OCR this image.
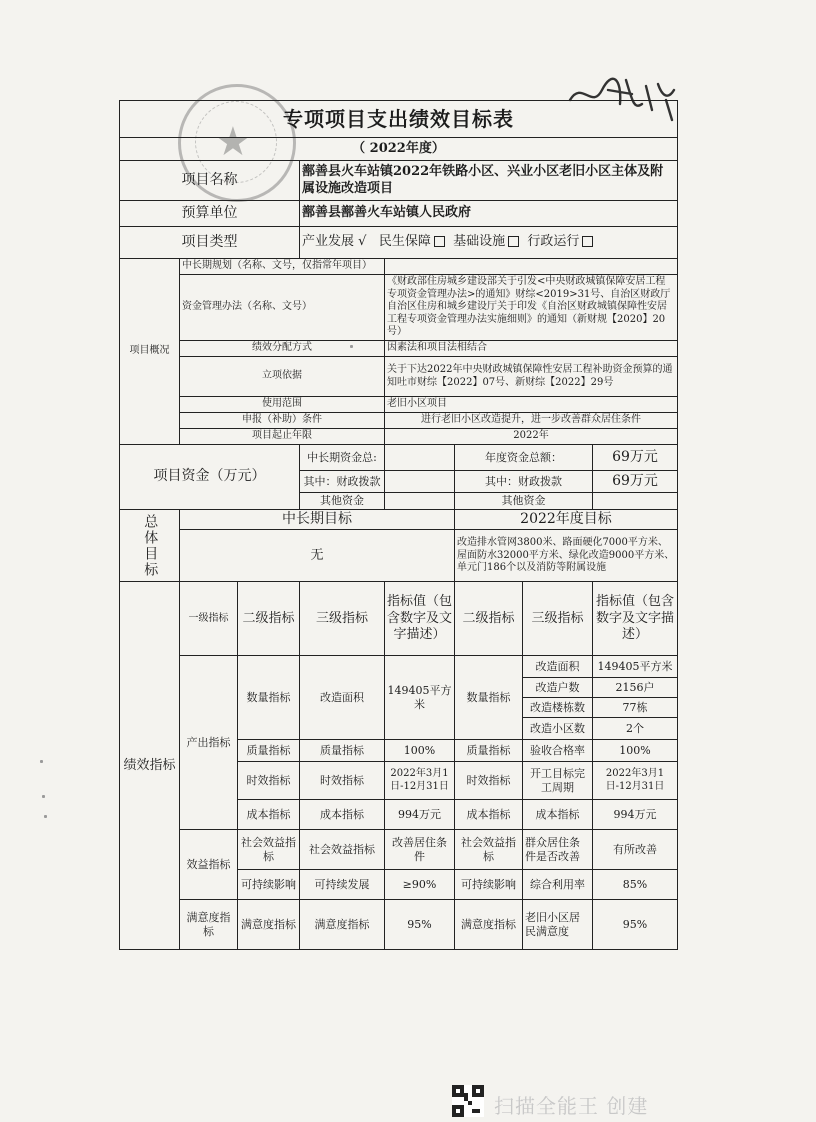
★
专项项目支出绩效目标表							
（ 2022年度）							
项目名称			鄯善县火车站镇2022年铁路小区、兴业小区老旧小区主体及附属设施改造项目				
预算单位			鄯善县鄯善火车站镇人民政府				
项目类型			产业发展 √ 民生保障 基础设施 行政运行				
项目概况	中长期规划（名称、文号，仅指常年项目）						
	资金管理办法（名称、文号）			《财政部住房城乡建设部关于引发<中央财政城镇保障安居工程专项资金管理办法>的通知》财综<2019>31号、自治区财政厅自治区住房和城乡建设厅关于印发《自治区财政城镇保障性安居工程专项资金管理办法实施细则》的通知（新财规【2020】20号）			
	绩效分配方式			因素法和项目法相结合			
	立项依据			关于下达2022年中央财政城镇保障性安居工程补助资金预算的通知吐市财综【2022】07号、新财综【2022】29号			
	使用范围			老旧小区项目			
	申报（补助）条件			进行老旧小区改造提升，进一步改善群众居住条件			
	项目起止年限			2022年			
项目资金（万元）			中长期资金总:		年度资金总额：		69万元
			其中：财政拨款		其中：财政拨款		69万元
			其他资金		其他资金		
总体目标	中长期目标				2022年度目标		
	无				改造排水管网3800米、路面硬化7000平方米、屋面防水32000平方米、绿化改造9000平方米、单元门186个以及消防等附属设施		
绩效指标	一级指标	二级指标	三级指标	指标值（包含数字及文字描述）	二级指标	三级指标	指标值（包含数字及文字描述）
	产出指标	数量指标	改造面积	149405平方米	数量指标	改造面积	149405平方米
						改造户数	2156户
						改造楼栋数	77栋
						改造小区数	2个
		质量指标	质量指标	100%	质量指标	验收合格率	100%
		时效指标	时效指标	2022年3月1日-12月31日	时效指标	开工目标完工周期	2022年3月1日-12月31日
		成本指标	成本指标	994万元	成本指标	成本指标	994万元

	效益指标	社会效益指标	社会效益指标	改善居住条件	社会效益指标	群众居住条件是否改善	有所改善
		可持续影响	可持续发展	≥90%	可持续影响	综合利用率	85%
	满意度指标	满意度指标	满意度指标	95%	满意度指标	老旧小区居民满意度	95%
扫描全能王 创建
